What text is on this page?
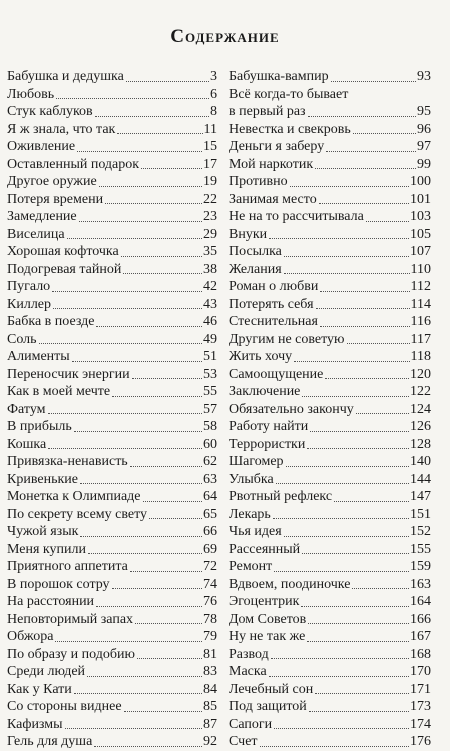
Содержание
Бабушка и дедушка	3
Любовь	6
Стук каблуков	8
Я ж знала, что так	11
Оживление	15
Оставленный подарок	17
Другое оружие	19
Потеря времени	22
Замедление	23
Виселица	29
Хорошая кофточка	35
Подогревая тайной	38
Пугало	42
Киллер	43
Бабка в поезде	46
Соль	49
Алименты	51
Переносчик энергии	53
Как в моей мечте	55
Фатум	57
В прибыль	58
Кошка	60
Привязка-ненависть	62
Кривенькие	63
Монетка к Олимпиаде	64
По секрету всему свету	65
Чужой язык	66
Меня купили	69
Приятного аппетита	72
В порошок сотру	74
На расстоянии	76
Неповторимый запах	78
Обжора	79
По образу и подобию	81
Среди людей	83
Как у Кати	84
Со стороны виднее	85
Кафизмы	87
Гель для душа	92
Бабушка-вампир	93
Всё когда-то бывает
в первый раз	95
Невестка и свекровь	96
Деньги я заберу	97
Мой наркотик	99
Противно	100
Занимая место	101
Не на то рассчитывала	103
Внуки	105
Посылка	107
Желания	110
Роман о любви	112
Потерять себя	114
Стеснительная	116
Другим не советую	117
Жить хочу	118
Самоощущение	120
Заключение	122
Обязательно закончу	124
Работу найти	126
Террористки	128
Шагомер	140
Улыбка	144
Рвотный рефлекс	147
Лекарь	151
Чья идея	152
Рассеянный	155
Ремонт	159
Вдвоем, поодиночке	163
Эгоцентрик	164
Дом Советов	166
Ну не так же	167
Развод	168
Маска	170
Лечебный сон	171
Под защитой	173
Сапоги	174
Счет	176
